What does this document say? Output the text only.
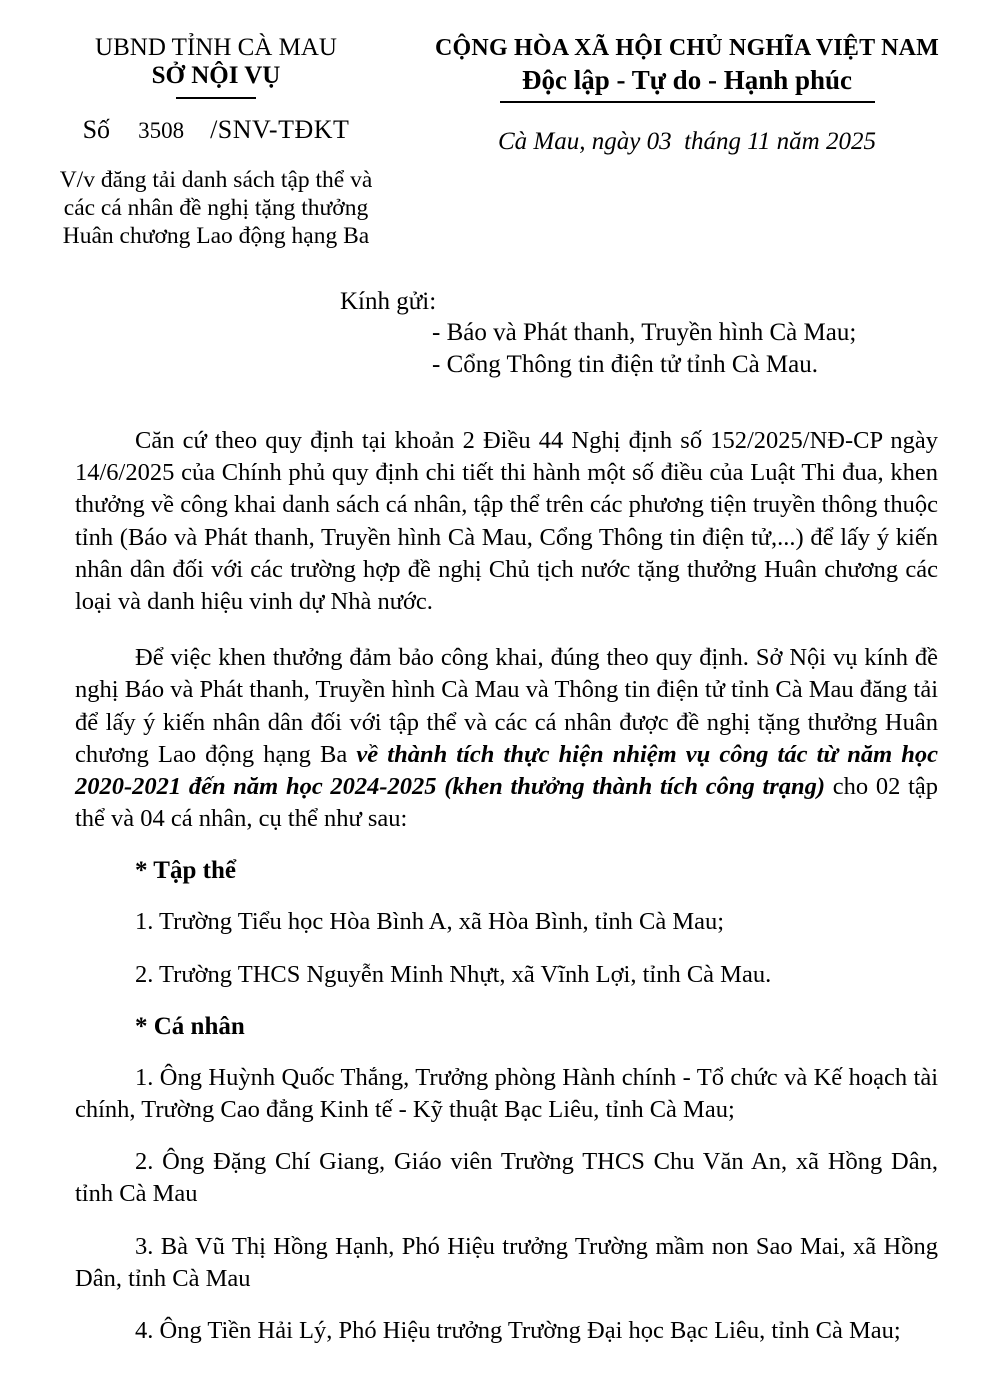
UBND TỈNH CÀ MAU
SỞ NỘI VỤ
Số 3508 /SNV-TĐKT
V/v đăng tải danh sách tập thể và
các cá nhân đề nghị tặng thưởng
Huân chương Lao động hạng Ba
CỘNG HÒA XÃ HỘI CHỦ NGHĨA VIỆT NAM
Độc lập - Tự do - Hạnh phúc
Cà Mau, ngày 03  tháng 11 năm 2025
Kính gửi:
- Báo và Phát thanh, Truyền hình Cà Mau;
- Cổng Thông tin điện tử tỉnh Cà Mau.

Căn cứ theo quy định tại khoản 2 Điều 44 Nghị định số 152/2025/NĐ-CP ngày 14/6/2025 của Chính phủ quy định chi tiết thi hành một số điều của Luật Thi đua, khen thưởng về công khai danh sách cá nhân, tập thể trên các phương tiện truyền thông thuộc tỉnh (Báo và Phát thanh, Truyền hình Cà Mau, Cổng Thông tin điện tử,...) để lấy ý kiến nhân dân đối với các trường hợp đề nghị Chủ tịch nước tặng thưởng Huân chương các loại và danh hiệu vinh dự Nhà nước.

Để việc khen thưởng đảm bảo công khai, đúng theo quy định. Sở Nội vụ kính đề nghị Báo và Phát thanh, Truyền hình Cà Mau và Thông tin điện tử tỉnh Cà Mau đăng tải để lấy ý kiến nhân dân đối với tập thể và các cá nhân được đề nghị tặng thưởng Huân chương Lao động hạng Ba về thành tích thực hiện nhiệm vụ công tác từ năm học 2020-2021 đến năm học 2024-2025 (khen thưởng thành tích công trạng) cho 02 tập thể và 04 cá nhân, cụ thể như sau:

* Tập thể

1. Trường Tiểu học Hòa Bình A, xã Hòa Bình, tỉnh Cà Mau;

2. Trường THCS Nguyễn Minh Nhựt, xã Vĩnh Lợi, tỉnh Cà Mau.

* Cá nhân

1. Ông Huỳnh Quốc Thắng, Trưởng phòng Hành chính - Tổ chức và Kế hoạch tài chính, Trường Cao đẳng Kinh tế - Kỹ thuật Bạc Liêu, tỉnh Cà Mau;

2. Ông Đặng Chí Giang, Giáo viên Trường THCS Chu Văn An, xã Hồng Dân, tỉnh Cà Mau

3. Bà Vũ Thị Hồng Hạnh, Phó Hiệu trưởng Trường mầm non Sao Mai, xã Hồng Dân, tỉnh Cà Mau

4. Ông Tiền Hải Lý, Phó Hiệu trưởng Trường Đại học Bạc Liêu, tỉnh Cà Mau;
